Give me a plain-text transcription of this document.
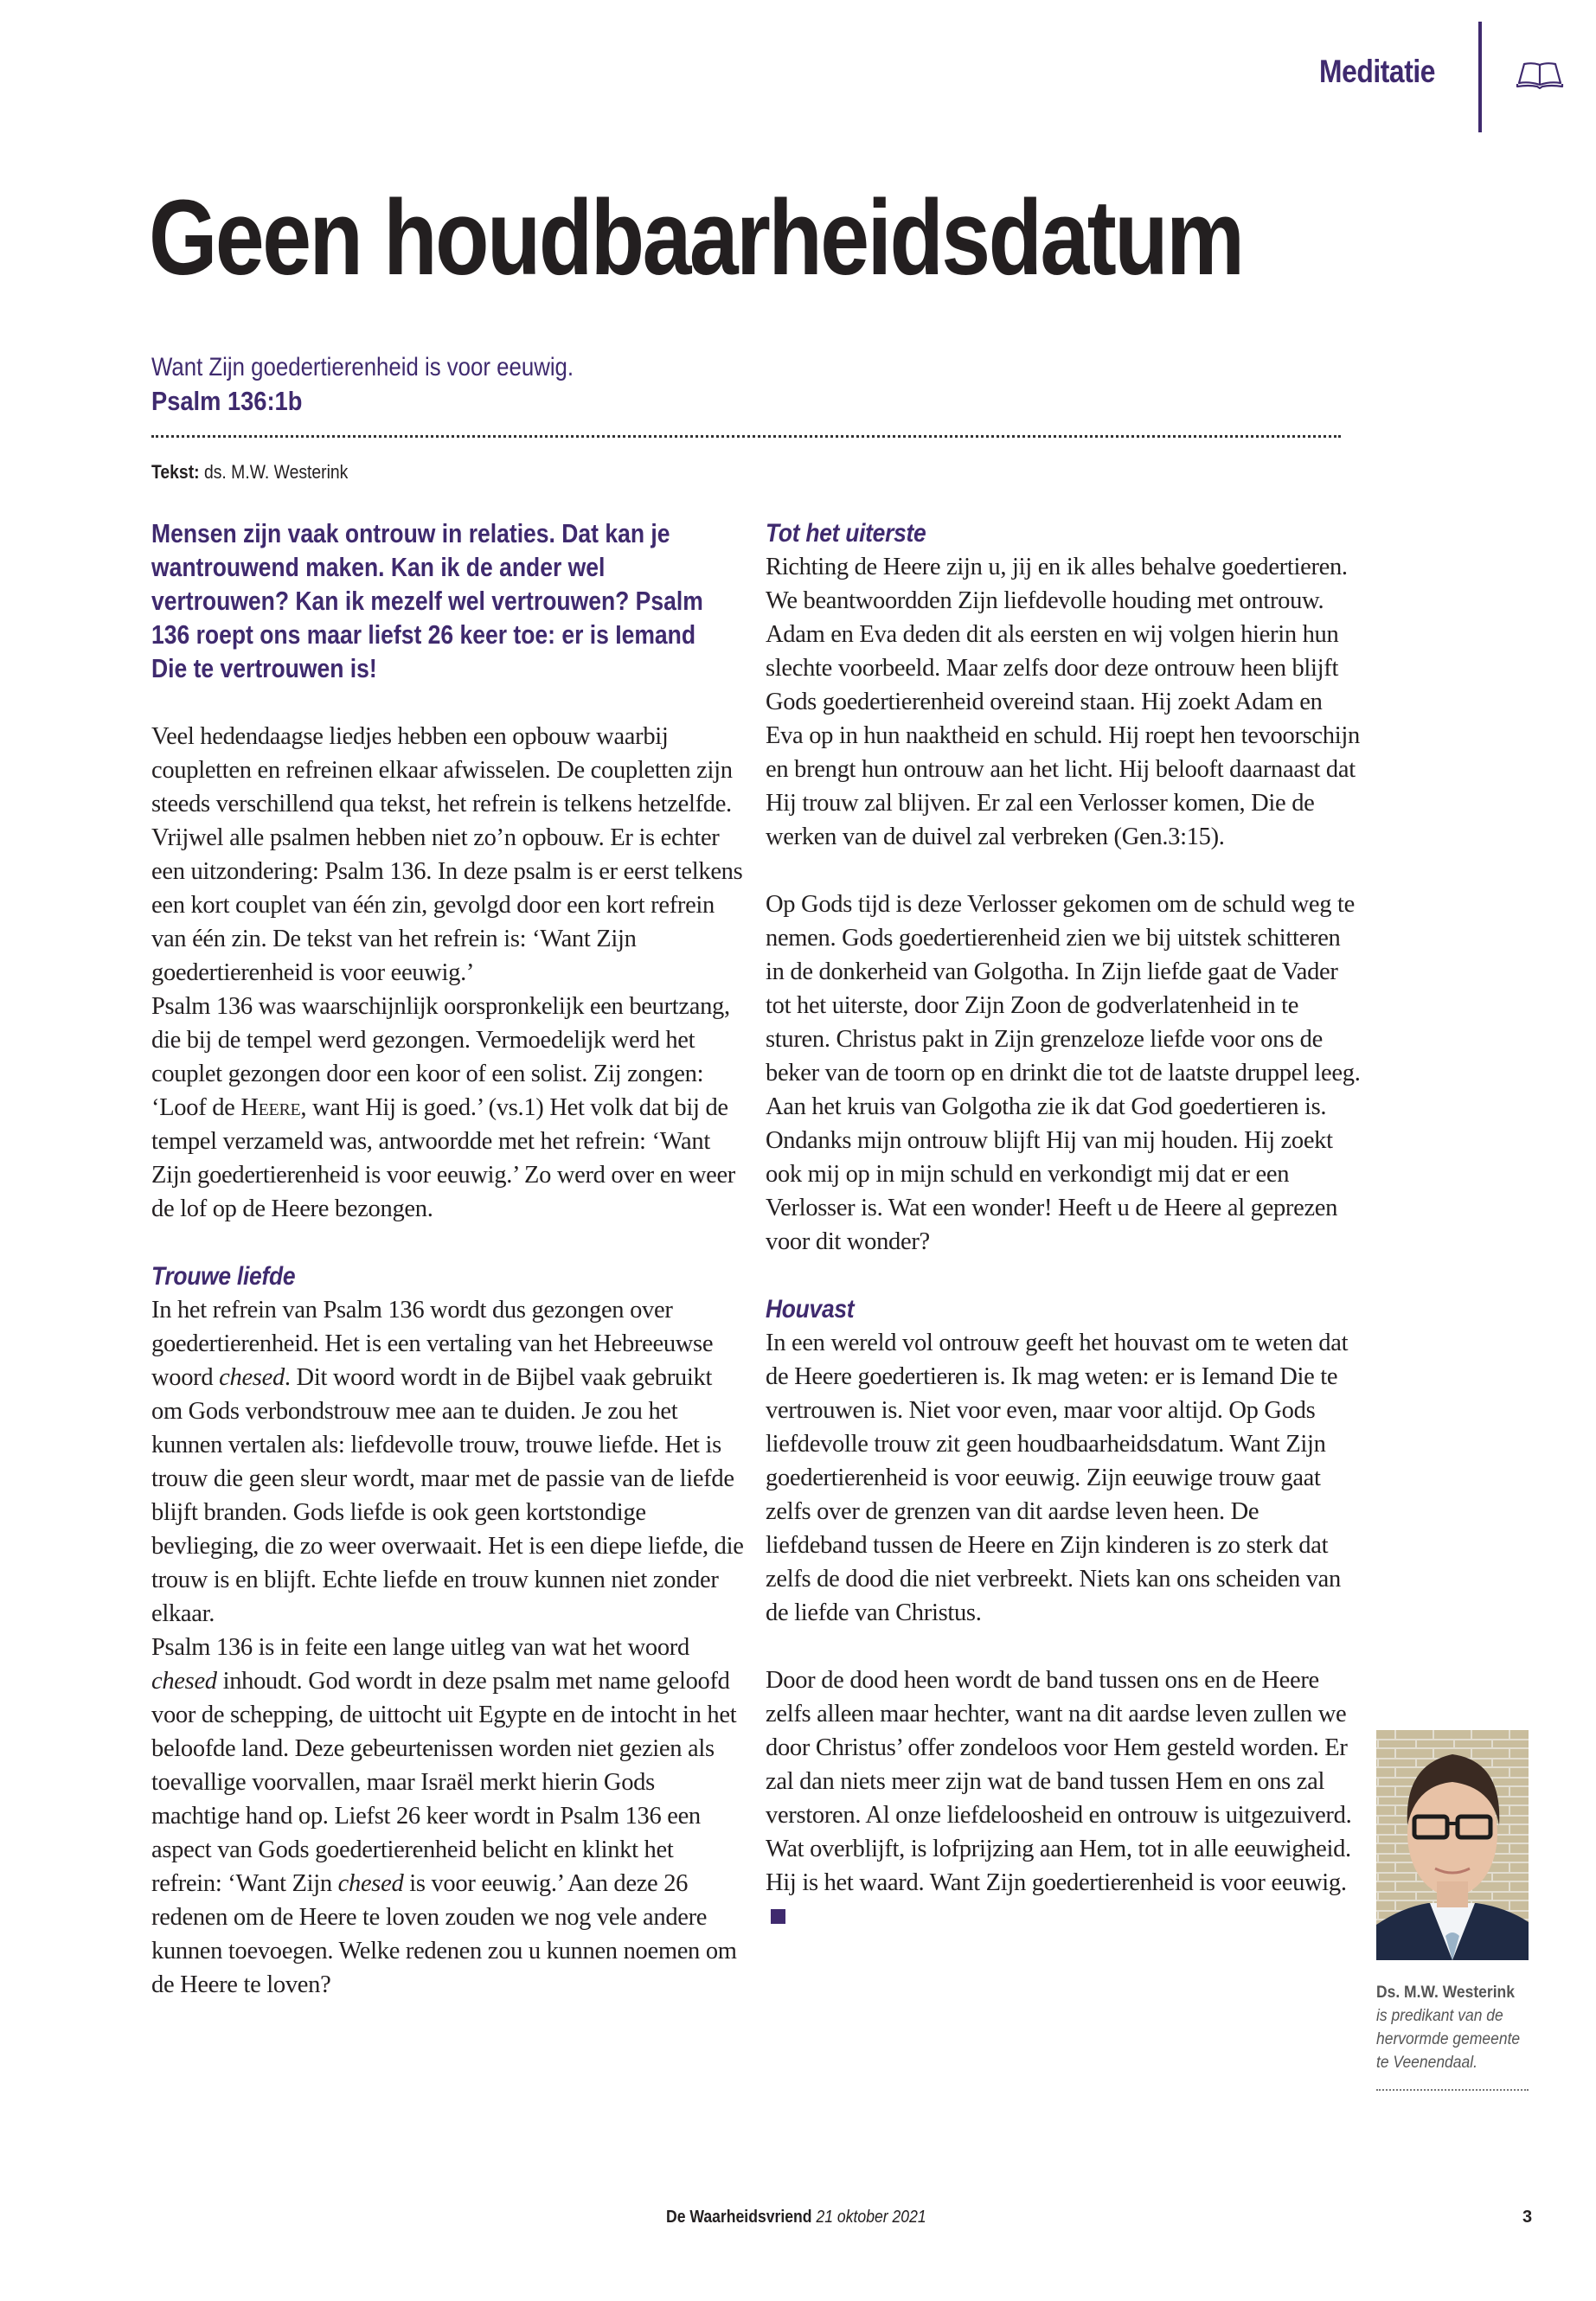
Meditatie
Geen houdbaarheidsdatum
Want Zijn goedertierenheid is voor eeuwig.
Psalm 136:1b
Tekst: ds. M.W. Westerink
Mensen zijn vaak ontrouw in relaties. Dat kan je wantrouwend maken. Kan ik de ander wel vertrouwen? Kan ik mezelf wel vertrouwen? Psalm 136 roept ons maar liefst 26 keer toe: er is Iemand Die te vertrouwen is!

Veel hedendaagse liedjes hebben een opbouw waarbij coupletten en refreinen elkaar afwisselen. De coupletten zijn steeds verschillend qua tekst, het refrein is telkens hetzelfde. Vrijwel alle psalmen hebben niet zo’n opbouw. Er is echter een uitzondering: Psalm 136. In deze psalm is er eerst telkens een kort couplet van één zin, gevolgd door een kort refrein van één zin. De tekst van het refrein is: ‘Want Zijn goedertierenheid is voor eeuwig.’

Psalm 136 was waarschijnlijk oorspronkelijk een beurtzang, die bij de tempel werd gezongen. Vermoedelijk werd het couplet gezongen door een koor of een solist. Zij zongen: ‘Loof de Heere, want Hij is goed.’ (vs.1) Het volk dat bij de tempel verzameld was, antwoordde met het refrein: ‘Want Zijn goedertierenheid is voor eeuwig.’ Zo werd over en weer de lof op de Heere bezongen.

Trouwe liefde

In het refrein van Psalm 136 wordt dus gezongen over goedertierenheid. Het is een vertaling van het Hebreeuwse woord chesed. Dit woord wordt in de Bijbel vaak gebruikt om Gods verbondstrouw mee aan te duiden. Je zou het kunnen vertalen als: liefdevolle trouw, trouwe liefde. Het is trouw die geen sleur wordt, maar met de passie van de liefde blijft branden. Gods liefde is ook geen kortstondige bevlieging, die zo weer overwaait. Het is een diepe liefde, die trouw is en blijft. Echte liefde en trouw kunnen niet zonder elkaar.

Psalm 136 is in feite een lange uitleg van wat het woord chesed inhoudt. God wordt in deze psalm met name geloofd voor de schepping, de uittocht uit Egypte en de intocht in het beloofde land. Deze gebeurtenissen worden niet gezien als toevallige voorvallen, maar Israël merkt hierin Gods machtige hand op. Liefst 26 keer wordt in Psalm 136 een aspect van Gods goedertierenheid belicht en klinkt het refrein: ‘Want Zijn chesed is voor eeuwig.’ Aan deze 26 redenen om de Heere te loven zouden we nog vele andere kunnen toevoegen. Welke redenen zou u kunnen noemen om de Heere te loven?

Tot het uiterste

Richting de Heere zijn u, jij en ik alles behalve goedertieren. We beantwoordden Zijn liefdevolle houding met ontrouw. Adam en Eva deden dit als eersten en wij volgen hierin hun slechte voorbeeld. Maar zelfs door deze ontrouw heen blijft Gods goedertierenheid overeind staan. Hij zoekt Adam en Eva op in hun naaktheid en schuld. Hij roept hen tevoorschijn en brengt hun ontrouw aan het licht. Hij belooft daarnaast dat Hij trouw zal blijven. Er zal een Verlosser komen, Die de werken van de duivel zal verbreken (Gen.3:15).

Op Gods tijd is deze Verlosser gekomen om de schuld weg te nemen. Gods goedertierenheid zien we bij uitstek schitteren in de donkerheid van Golgotha. In Zijn liefde gaat de Vader tot het uiterste, door Zijn Zoon de godverlatenheid in te sturen. Christus pakt in Zijn grenzeloze liefde voor ons de beker van de toorn op en drinkt die tot de laatste druppel leeg. Aan het kruis van Golgotha zie ik dat God goedertieren is. Ondanks mijn ontrouw blijft Hij van mij houden. Hij zoekt ook mij op in mijn schuld en verkondigt mij dat er een Verlosser is. Wat een wonder! Heeft u de Heere al geprezen voor dit wonder?

Houvast

In een wereld vol ontrouw geeft het houvast om te weten dat de Heere goedertieren is. Ik mag weten: er is Iemand Die te vertrouwen is. Niet voor even, maar voor altijd. Op Gods liefdevolle trouw zit geen houdbaarheidsdatum. Want Zijn goedertierenheid is voor eeuwig. Zijn eeuwige trouw gaat zelfs over de grenzen van dit aardse leven heen. De liefdeband tussen de Heere en Zijn kinderen is zo sterk dat zelfs de dood die niet verbreekt. Niets kan ons scheiden van de liefde van Christus.

Door de dood heen wordt de band tussen ons en de Heere zelfs alleen maar hechter, want na dit aardse leven zullen we door Christus’ offer zondeloos voor Hem gesteld worden. Er zal dan niets meer zijn wat de band tussen Hem en ons zal verstoren. Al onze liefdeloosheid en ontrouw is uitgezuiverd. Wat overblijft, is lofprijzing aan Hem, tot in alle eeuwigheid. Hij is het waard. Want Zijn goedertierenheid is voor eeuwig.

Ds. M.W. Westerink
is predikant van de hervormde gemeente te Veenendaal.
De Waarheidsvriend 21 oktober 2021	3
